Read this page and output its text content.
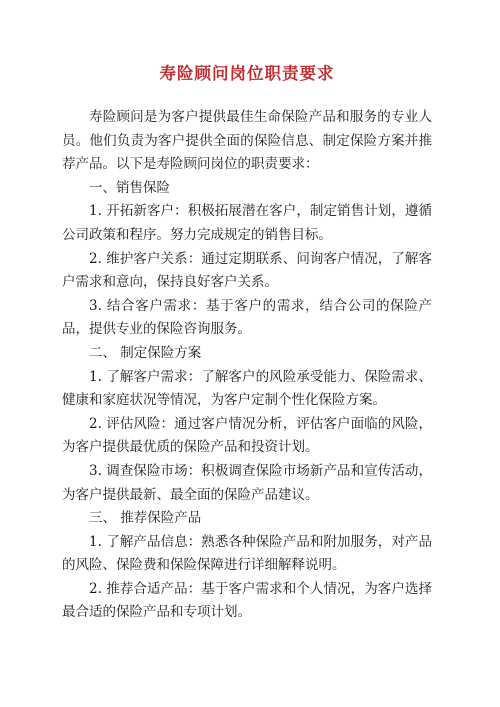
寿险顾问岗位职责要求

寿险顾问是为客户提供最佳生命保险产品和服务的专业人员。他们负责为客户提供全面的保险信息、制定保险方案并推荐产品。以下是寿险顾问岗位的职责要求：

一、销售保险

1. 开拓新客户：积极拓展潜在客户，制定销售计划，遵循公司政策和程序。努力完成规定的销售目标。

2. 维护客户关系：通过定期联系、问询客户情况，了解客户需求和意向，保持良好客户关系。

3. 结合客户需求：基于客户的需求，结合公司的保险产品，提供专业的保险咨询服务。

二、 制定保险方案

1. 了解客户需求：了解客户的风险承受能力、保险需求、健康和家庭状况等情况，为客户定制个性化保险方案。

2. 评估风险：通过客户情况分析，评估客户面临的风险，为客户提供最优质的保险产品和投资计划。

3. 调查保险市场：积极调查保险市场新产品和宣传活动，为客户提供最新、最全面的保险产品建议。

三、 推荐保险产品

1. 了解产品信息：熟悉各种保险产品和附加服务，对产品的风险、保险费和保险保障进行详细解释说明。

2. 推荐合适产品：基于客户需求和个人情况，为客户选择最合适的保险产品和专项计划。
